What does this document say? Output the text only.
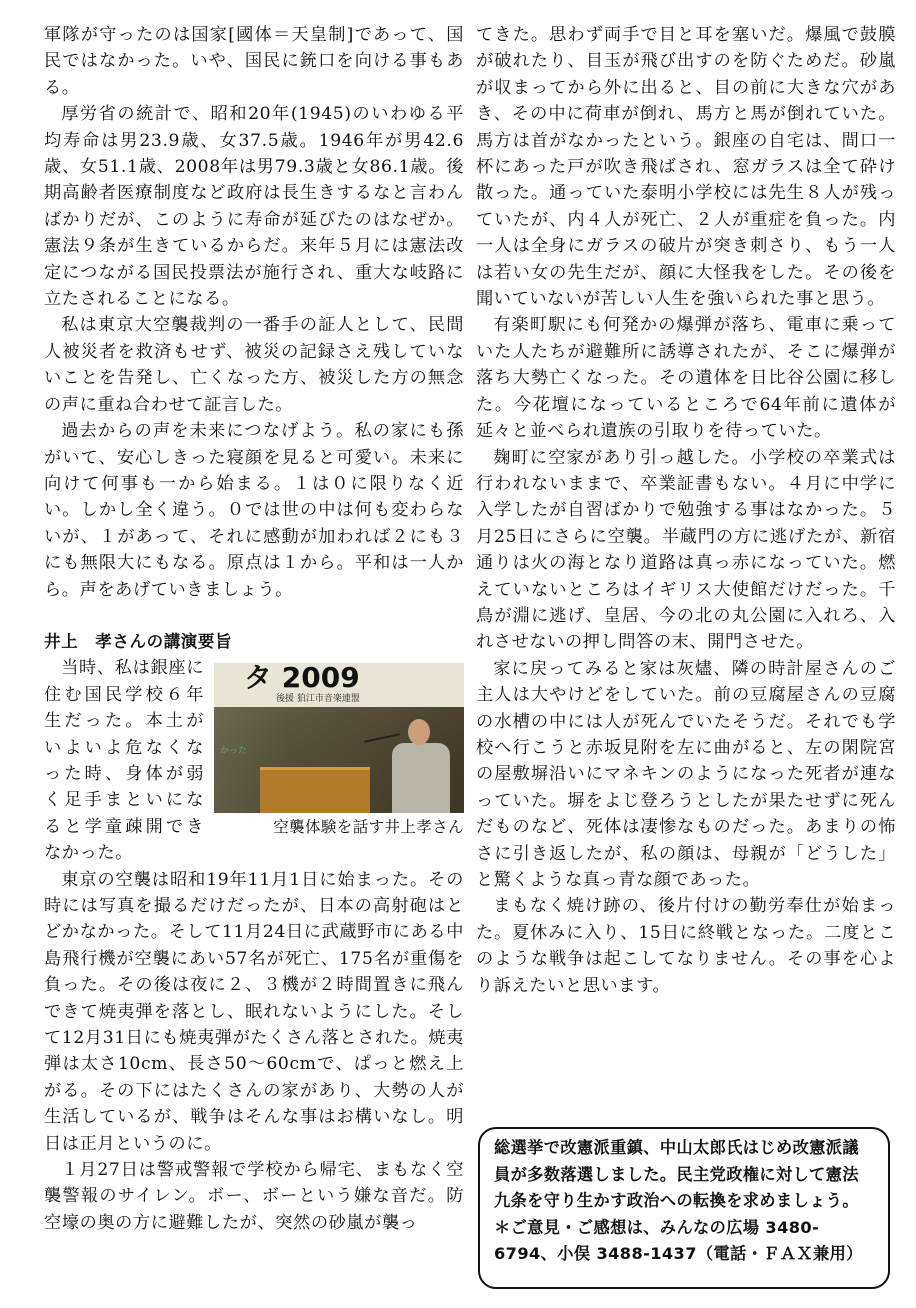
軍隊が守ったのは国家[國体＝天皇制]であって、国民ではなかった。いや、国民に銃口を向ける事もある。

厚労省の統計で、昭和20年(1945)のいわゆる平均寿命は男23.9歳、女37.5歳。1946年が男42.6歳、女51.1歳、2008年は男79.3歳と女86.1歳。後期高齢者医療制度など政府は長生きするなと言わんばかりだが、このように寿命が延びたのはなぜか。憲法９条が生きているからだ。来年５月には憲法改定につながる国民投票法が施行され、重大な岐路に立たされることになる。

私は東京大空襲裁判の一番手の証人として、民間人被災者を救済もせず、被災の記録さえ残していないことを告発し、亡くなった方、被災した方の無念の声に重ね合わせて証言した。

過去からの声を未来につなげよう。私の家にも孫がいて、安心しきった寝顔を見ると可愛い。未来に向けて何事も一から始まる。１は０に限りなく近い。しかし全く違う。０では世の中は何も変わらないが、１があって、それに感動が加われば２にも３にも無限大にもなる。原点は１から。平和は一人から。声をあげていきましょう。

井上　孝さんの講演要旨
タ 2009
後援 狛江市音楽連盟
かった
空襲体験を話す井上孝さん

当時、私は銀座に住む国民学校６年生だった。本土がいよいよ危なくなった時、身体が弱く足手まといになると学童疎開できなかった。

東京の空襲は昭和19年11月1日に始まった。その時には写真を撮るだけだったが、日本の高射砲はとどかなかった。そして11月24日に武蔵野市にある中島飛行機が空襲にあい57名が死亡、175名が重傷を負った。その後は夜に２、３機が２時間置きに飛んできて焼夷弾を落とし、眠れないようにした。そして12月31日にも焼夷弾がたくさん落とされた。焼夷弾は太さ10cm、長さ50〜60cmで、ぱっと燃え上がる。その下にはたくさんの家があり、大勢の人が生活しているが、戦争はそんな事はお構いなし。明日は正月というのに。

１月27日は警戒警報で学校から帰宅、まもなく空襲警報のサイレン。ボー、ボーという嫌な音だ。防空壕の奥の方に避難したが、突然の砂嵐が襲っ

てきた。思わず両手で目と耳を塞いだ。爆風で鼓膜が破れたり、目玉が飛び出すのを防ぐためだ。砂嵐が収まってから外に出ると、目の前に大きな穴があき、その中に荷車が倒れ、馬方と馬が倒れていた。馬方は首がなかったという。銀座の自宅は、間口一杯にあった戸が吹き飛ばされ、窓ガラスは全て砕け散った。通っていた泰明小学校には先生８人が残っていたが、内４人が死亡、２人が重症を負った。内一人は全身にガラスの破片が突き刺さり、もう一人は若い女の先生だが、顔に大怪我をした。その後を聞いていないが苦しい人生を強いられた事と思う。

有楽町駅にも何発かの爆弾が落ち、電車に乗っていた人たちが避難所に誘導されたが、そこに爆弾が落ち大勢亡くなった。その遺体を日比谷公園に移した。今花壇になっているところで64年前に遺体が延々と並べられ遺族の引取りを待っていた。

麹町に空家があり引っ越した。小学校の卒業式は行われないままで、卒業証書もない。４月に中学に入学したが自習ばかりで勉強する事はなかった。５月25日にさらに空襲。半蔵門の方に逃げたが、新宿通りは火の海となり道路は真っ赤になっていた。燃えていないところはイギリス大使館だけだった。千鳥が淵に逃げ、皇居、今の北の丸公園に入れろ、入れさせないの押し問答の末、開門させた。

家に戻ってみると家は灰燼、隣の時計屋さんのご主人は大やけどをしていた。前の豆腐屋さんの豆腐の水槽の中には人が死んでいたそうだ。それでも学校へ行こうと赤坂見附を左に曲がると、左の閑院宮の屋敷塀沿いにマネキンのようになった死者が連なっていた。塀をよじ登ろうとしたが果たせずに死んだものなど、死体は凄惨なものだった。あまりの怖さに引き返したが、私の顔は、母親が「どうした」と驚くような真っ青な顔であった。

まもなく焼け跡の、後片付けの勤労奉仕が始まった。夏休みに入り、15日に終戦となった。二度とこのような戦争は起こしてなりません。その事を心より訴えたいと思います。

総選挙で改憲派重鎮、中山太郎氏はじめ改憲派議員が多数落選しました。民主党政権に対して憲法九条を守り生かす政治への転換を求めましょう。＊ご意見・ご感想は、みんなの広場 3480-6794、小俣 3488-1437（電話・ＦＡＸ兼用）
